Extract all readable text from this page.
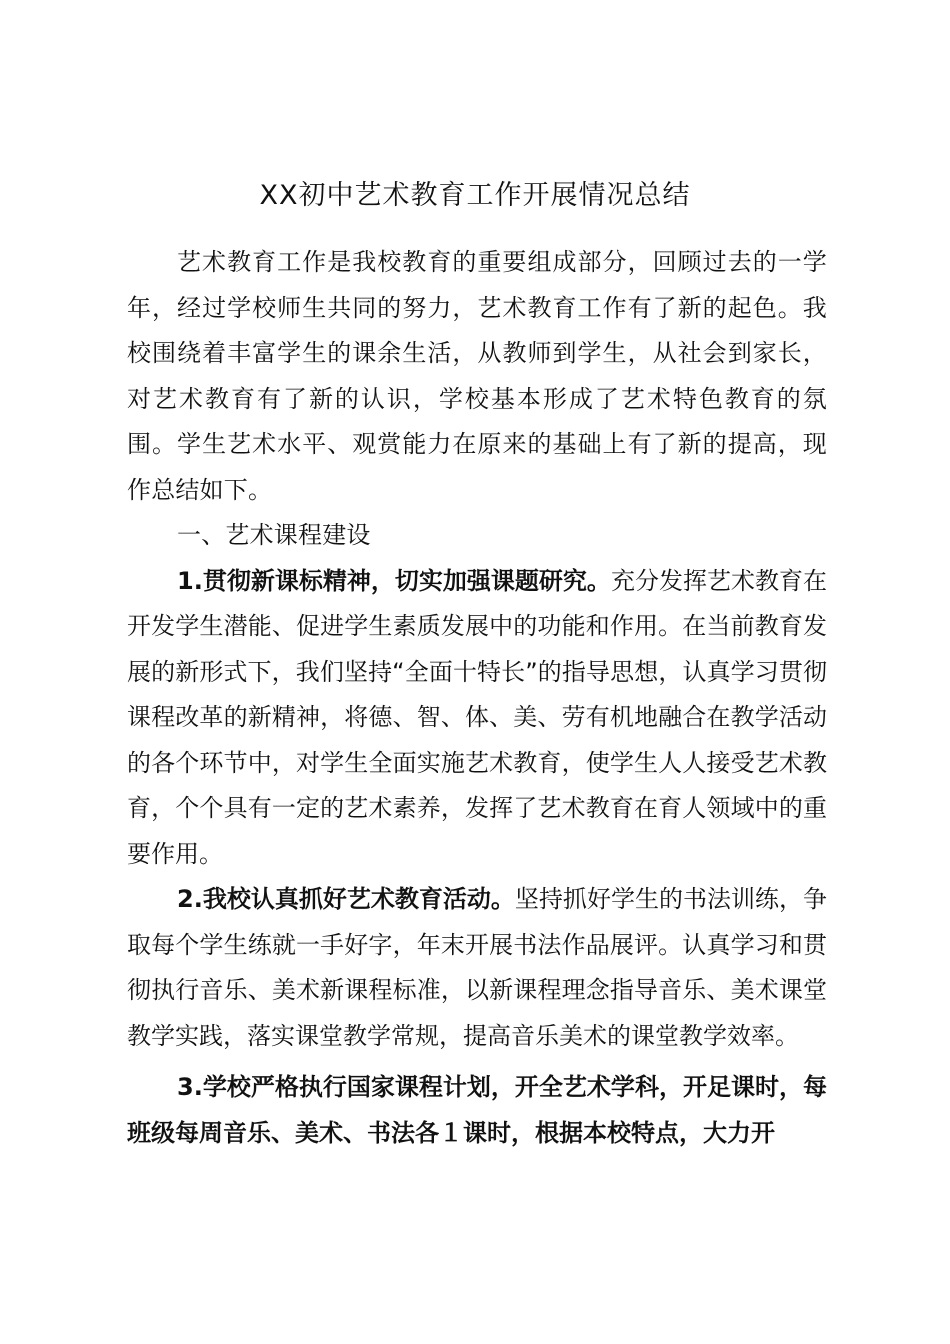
XX初中艺术教育工作开展情况总结

艺术教育工作是我校教育的重要组成部分，回顾过去的一学年，经过学校师生共同的努力，艺术教育工作有了新的起色。我校围绕着丰富学生的课余生活，从教师到学生，从社会到家长，对艺术教育有了新的认识，学校基本形成了艺术特色教育的氛围。学生艺术水平、观赏能力在原来的基础上有了新的提高，现作总结如下。

一、艺术课程建设

1.贯彻新课标精神，切实加强课题研究。充分发挥艺术教育在开发学生潜能、促进学生素质发展中的功能和作用。在当前教育发展的新形式下，我们坚持“全面十特长”的指导思想，认真学习贯彻课程改革的新精神，将德、智、体、美、劳有机地融合在教学活动的各个环节中，对学生全面实施艺术教育，使学生人人接受艺术教育，个个具有一定的艺术素养，发挥了艺术教育在育人领域中的重要作用。

2.我校认真抓好艺术教育活动。坚持抓好学生的书法训练，争取每个学生练就一手好字，年末开展书法作品展评。认真学习和贯彻执行音乐、美术新课程标准，以新课程理念指导音乐、美术课堂教学实践，落实课堂教学常规，提高音乐美术的课堂教学效率。

3.学校严格执行国家课程计划，开全艺术学科，开足课时，每班级每周音乐、美术、书法各１课时，根据本校特点，大力开
